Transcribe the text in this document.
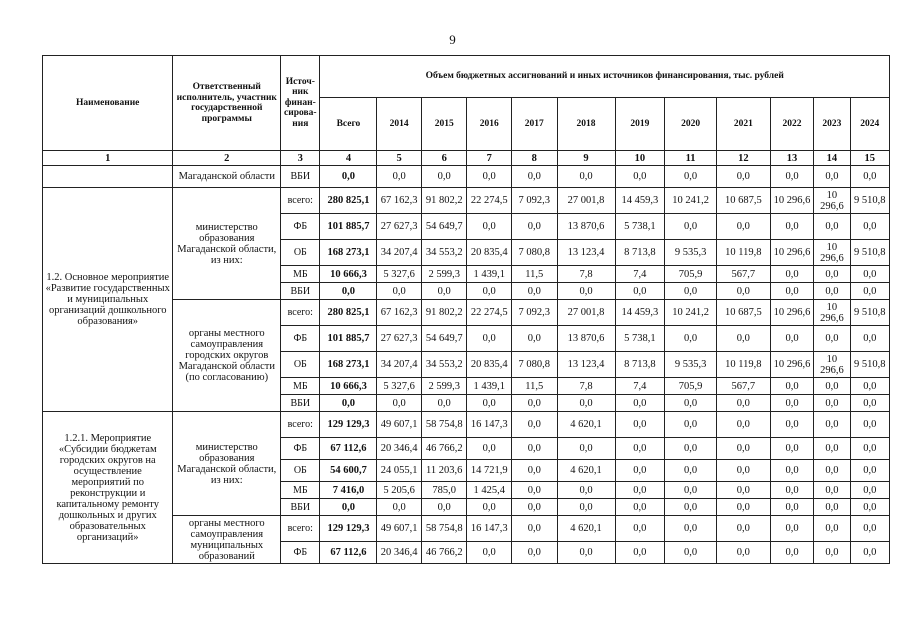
9
Наименование	Ответственный исполнитель, участник государственной программы	Источ-ник финан-сирова-ния	Объем бюджетных ассигнований и иных источников финансирования, тыс. рублей											
			Всего	2014	2015	2016	2017	2018	2019	2020	2021	2022	2023	2024
1	2	3	4	5	6	7	8	9	10	11	12	13	14	15
	Магаданской области	ВБИ	0,0	0,0	0,0	0,0	0,0	0,0	0,0	0,0	0,0	0,0	0,0	0,0
1.2. Основное мероприятие «Развитие государственных и муниципальных организаций дошкольного образования»	министерство образования Магаданской области, из них:	всего:	280 825,1	67 162,3	91 802,2	22 274,5	7 092,3	27 001,8	14 459,3	10 241,2	10 687,5	10 296,6	10 296,6	9 510,8
		ФБ	101 885,7	27 627,3	54 649,7	0,0	0,0	13 870,6	5 738,1	0,0	0,0	0,0	0,0	0,0
		ОБ	168 273,1	34 207,4	34 553,2	20 835,4	7 080,8	13 123,4	8 713,8	9 535,3	10 119,8	10 296,6	10 296,6	9 510,8
		МБ	10 666,3	5 327,6	2 599,3	1 439,1	11,5	7,8	7,4	705,9	567,7	0,0	0,0	0,0
		ВБИ	0,0	0,0	0,0	0,0	0,0	0,0	0,0	0,0	0,0	0,0	0,0	0,0
	органы местного самоуправления городских округов Магаданской области (по согласованию)	всего:	280 825,1	67 162,3	91 802,2	22 274,5	7 092,3	27 001,8	14 459,3	10 241,2	10 687,5	10 296,6	10 296,6	9 510,8
		ФБ	101 885,7	27 627,3	54 649,7	0,0	0,0	13 870,6	5 738,1	0,0	0,0	0,0	0,0	0,0
		ОБ	168 273,1	34 207,4	34 553,2	20 835,4	7 080,8	13 123,4	8 713,8	9 535,3	10 119,8	10 296,6	10 296,6	9 510,8
		МБ	10 666,3	5 327,6	2 599,3	1 439,1	11,5	7,8	7,4	705,9	567,7	0,0	0,0	0,0
		ВБИ	0,0	0,0	0,0	0,0	0,0	0,0	0,0	0,0	0,0	0,0	0,0	0,0
1.2.1. Мероприятие «Субсидии бюджетам городских округов на осуществление мероприятий по реконструкции и капитальному ремонту дошкольных и других образовательных организаций»	министерство образования Магаданской области, из них:	всего:	129 129,3	49 607,1	58 754,8	16 147,3	0,0	4 620,1	0,0	0,0	0,0	0,0	0,0	0,0
		ФБ	67 112,6	20 346,4	46 766,2	0,0	0,0	0,0	0,0	0,0	0,0	0,0	0,0	0,0
		ОБ	54 600,7	24 055,1	11 203,6	14 721,9	0,0	4 620,1	0,0	0,0	0,0	0,0	0,0	0,0
		МБ	7 416,0	5 205,6	785,0	1 425,4	0,0	0,0	0,0	0,0	0,0	0,0	0,0	0,0
		ВБИ	0,0	0,0	0,0	0,0	0,0	0,0	0,0	0,0	0,0	0,0	0,0	0,0
	органы местного самоуправления муниципальных образований	всего:	129 129,3	49 607,1	58 754,8	16 147,3	0,0	4 620,1	0,0	0,0	0,0	0,0	0,0	0,0
		ФБ	67 112,6	20 346,4	46 766,2	0,0	0,0	0,0	0,0	0,0	0,0	0,0	0,0	0,0
